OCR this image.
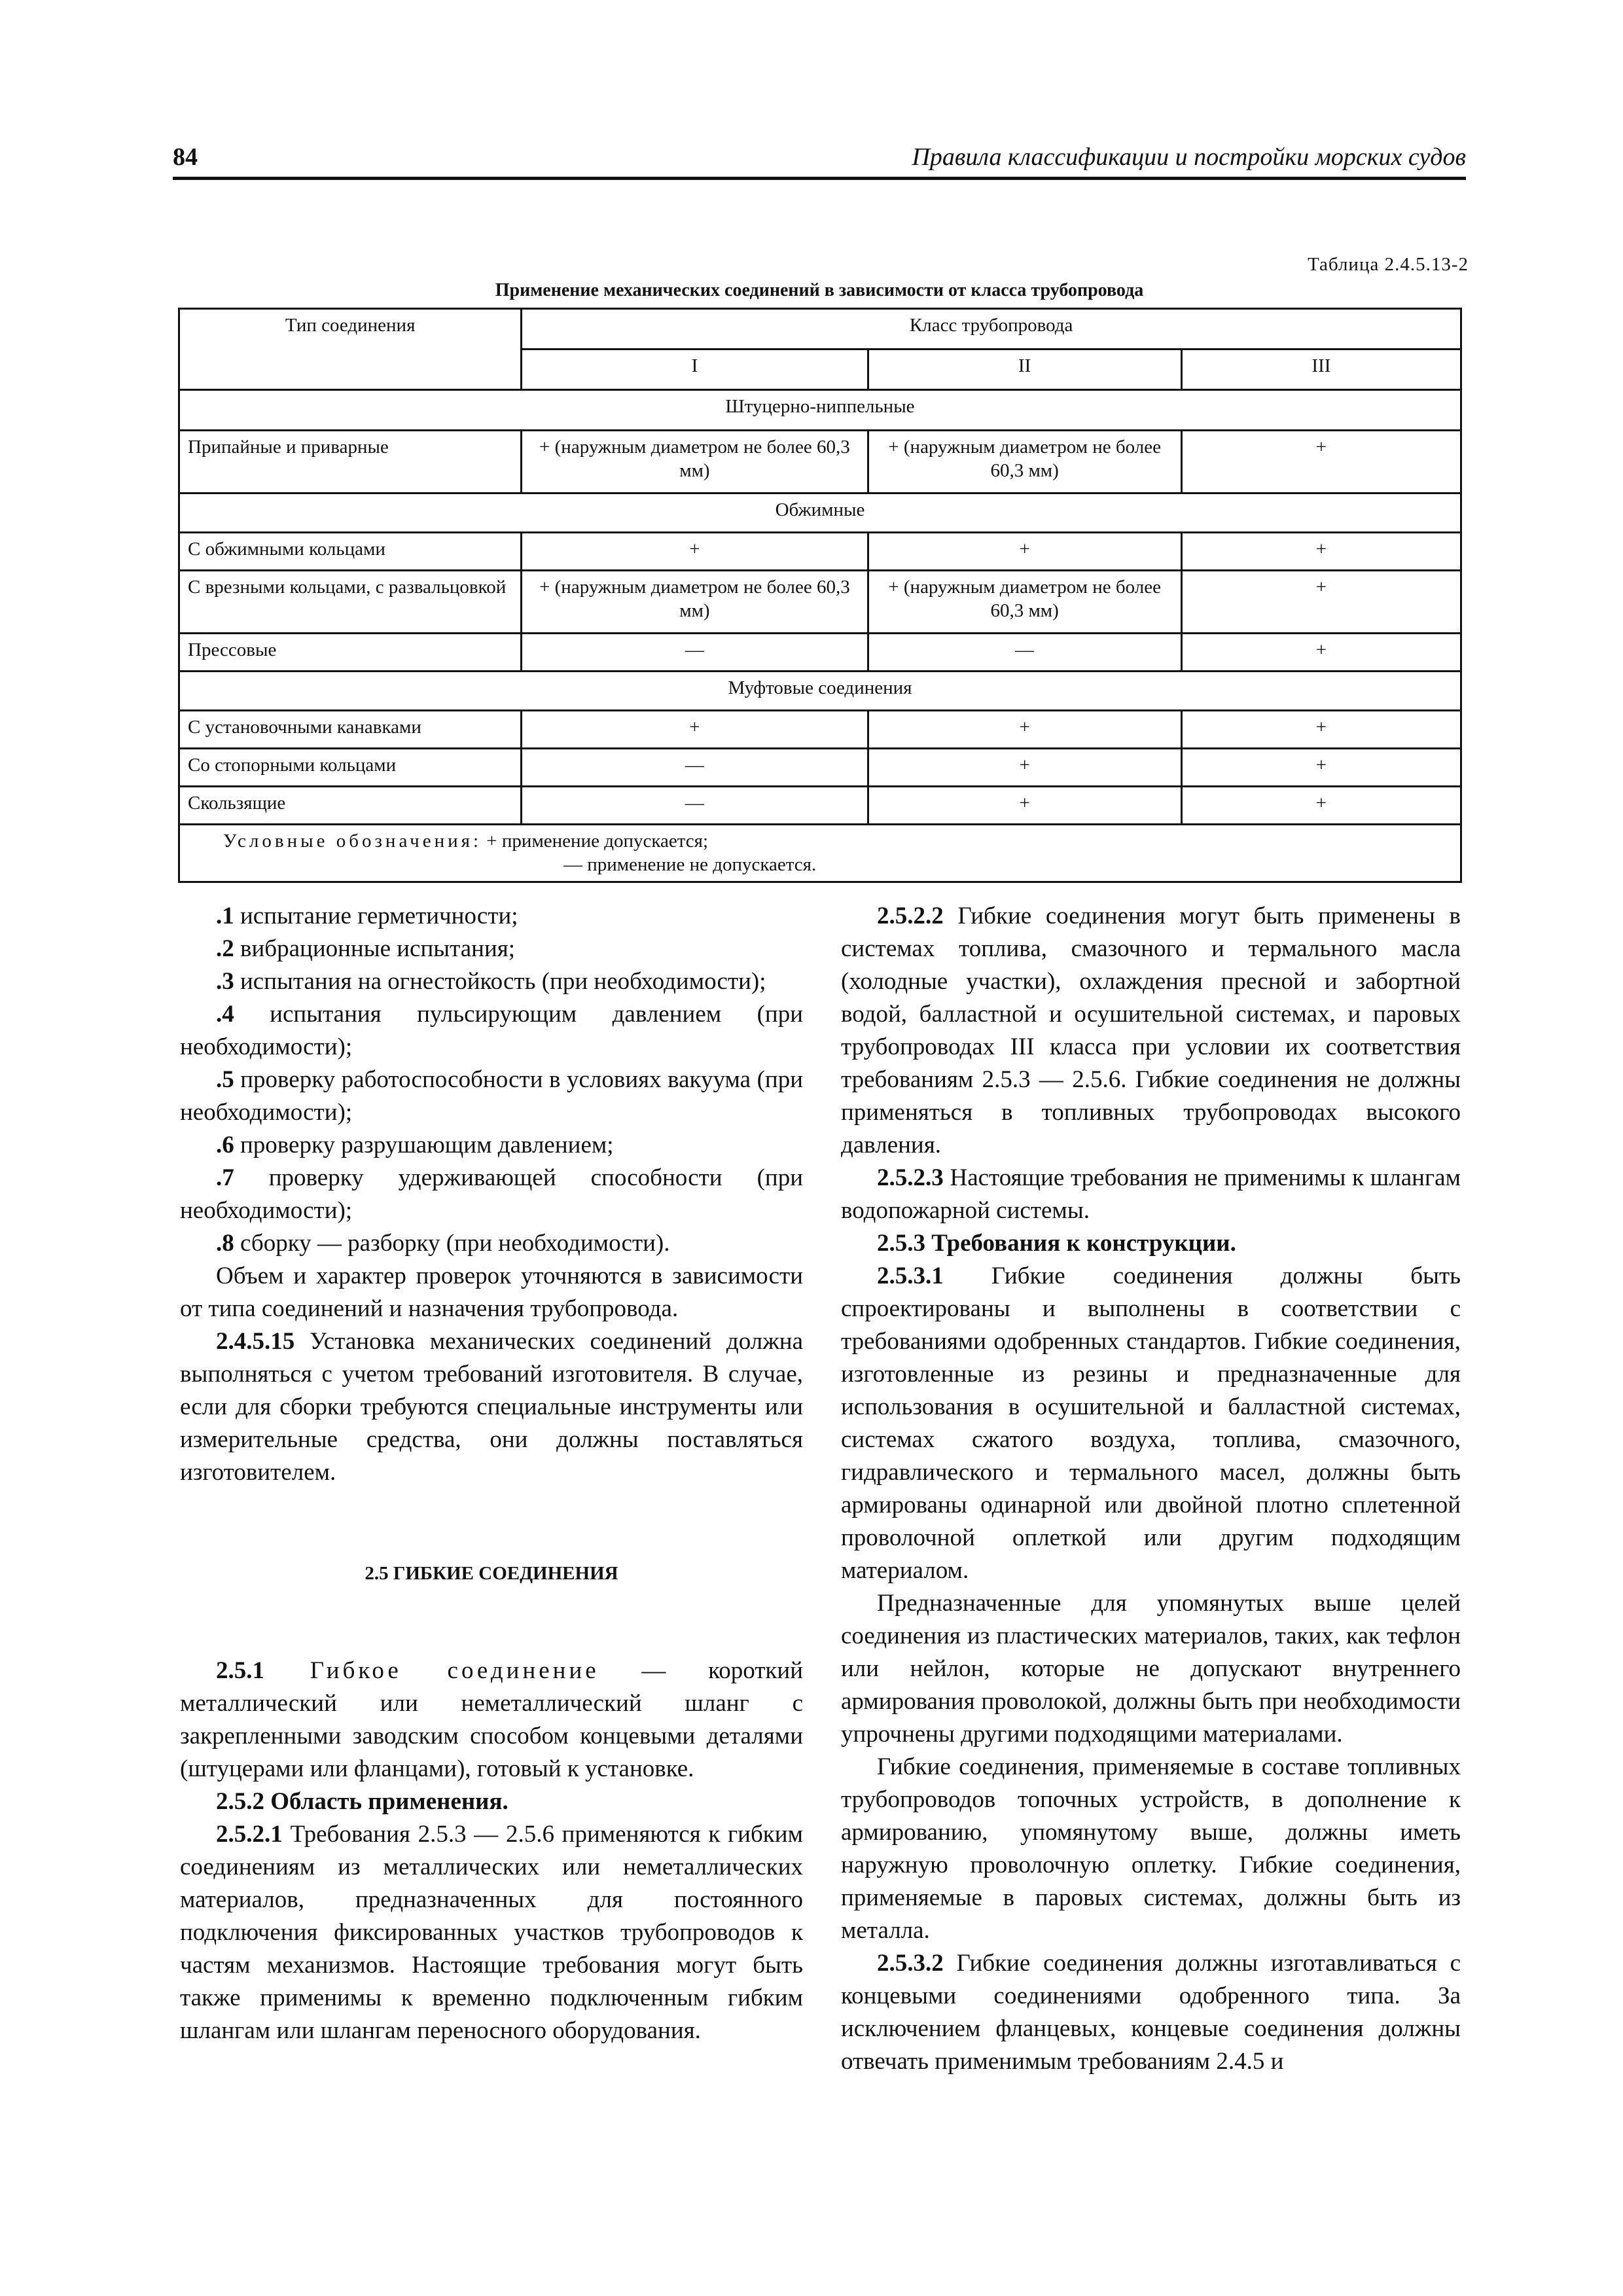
84	Правила классификации и постройки морских судов
Таблица 2.4.5.13-2
Применение механических соединений в зависимости от класса трубопровода
Тип соединения	Класс трубопровода		
	I	II	III
Штуцерно-ниппельные			
Припайные и приварные	+ (наружным диаметром не более 60,3 мм)	+ (наружным диаметром не более 60,3 мм)	+
Обжимные			
С обжимными кольцами	+	+	+
С врезными кольцами, с развальцовкой	+ (наружным диаметром не более 60,3 мм)	+ (наружным диаметром не более 60,3 мм)	+
Прессовые	—	—	+
Муфтовые соединения			
С установочными канавками	+	+	+
Со стопорными кольцами	—	+	+
Скользящие	—	+	+

Условные обозначения: + применение допускается;
— применение не допускается.			

.1 испытание герметичности;

.2 вибрационные испытания;

.3 испытания на огнестойкость (при необходимости);

.4 испытания пульсирующим давлением (при необходимости);

.5 проверку работоспособности в условиях вакуума (при необходимости);

.6 проверку разрушающим давлением;

.7 проверку удерживающей способности (при необходимости);

.8 сборку — разборку (при необходимости).

Объем и характер проверок уточняются в зависимости от типа соединений и назначения трубопровода.

2.4.5.15 Установка механических соединений должна выполняться с учетом требований изготовителя. В случае, если для сборки требуются специальные инструменты или измерительные средства, они должны поставляться изготовителем.

2.5 ГИБКИЕ СОЕДИНЕНИЯ

2.5.1 Гибкое соединение — короткий металлический или неметаллический шланг с закрепленными заводским способом концевыми деталями (штуцерами или фланцами), готовый к установке.

2.5.2 Область применения.

2.5.2.1 Требования 2.5.3 — 2.5.6 применяются к гибким соединениям из металлических или неметаллических материалов, предназначенных для постоянного подключения фиксированных участков трубопроводов к частям механизмов. Настоящие требования могут быть также применимы к временно подключенным гибким шлангам или шлангам переносного оборудования.

2.5.2.2 Гибкие соединения могут быть применены в системах топлива, смазочного и термального масла (холодные участки), охлаждения пресной и забортной водой, балластной и осушительной системах, и паровых трубопроводах III класса при условии их соответствия требованиям 2.5.3 — 2.5.6. Гибкие соединения не должны применяться в топливных трубопроводах высокого давления.

2.5.2.3 Настоящие требования не применимы к шлангам водопожарной системы.

2.5.3 Требования к конструкции.

2.5.3.1 Гибкие соединения должны быть спроектированы и выполнены в соответствии с требованиями одобренных стандартов. Гибкие соединения, изготовленные из резины и предназначенные для использования в осушительной и балластной системах, системах сжатого воздуха, топлива, смазочного, гидравлического и термального масел, должны быть армированы одинарной или двойной плотно сплетенной проволочной оплеткой или другим подходящим материалом.

Предназначенные для упомянутых выше целей соединения из пластических материалов, таких, как тефлон или нейлон, которые не допускают внутреннего армирования проволокой, должны быть при необходимости упрочнены другими подходящими материалами.

Гибкие соединения, применяемые в составе топливных трубопроводов топочных устройств, в дополнение к армированию, упомянутому выше, должны иметь наружную проволочную оплетку. Гибкие соединения, применяемые в паровых системах, должны быть из металла.

2.5.3.2 Гибкие соединения должны изготавливаться с концевыми соединениями одобренного типа. За исключением фланцевых, концевые соединения должны отвечать применимым требованиям 2.4.5 и
